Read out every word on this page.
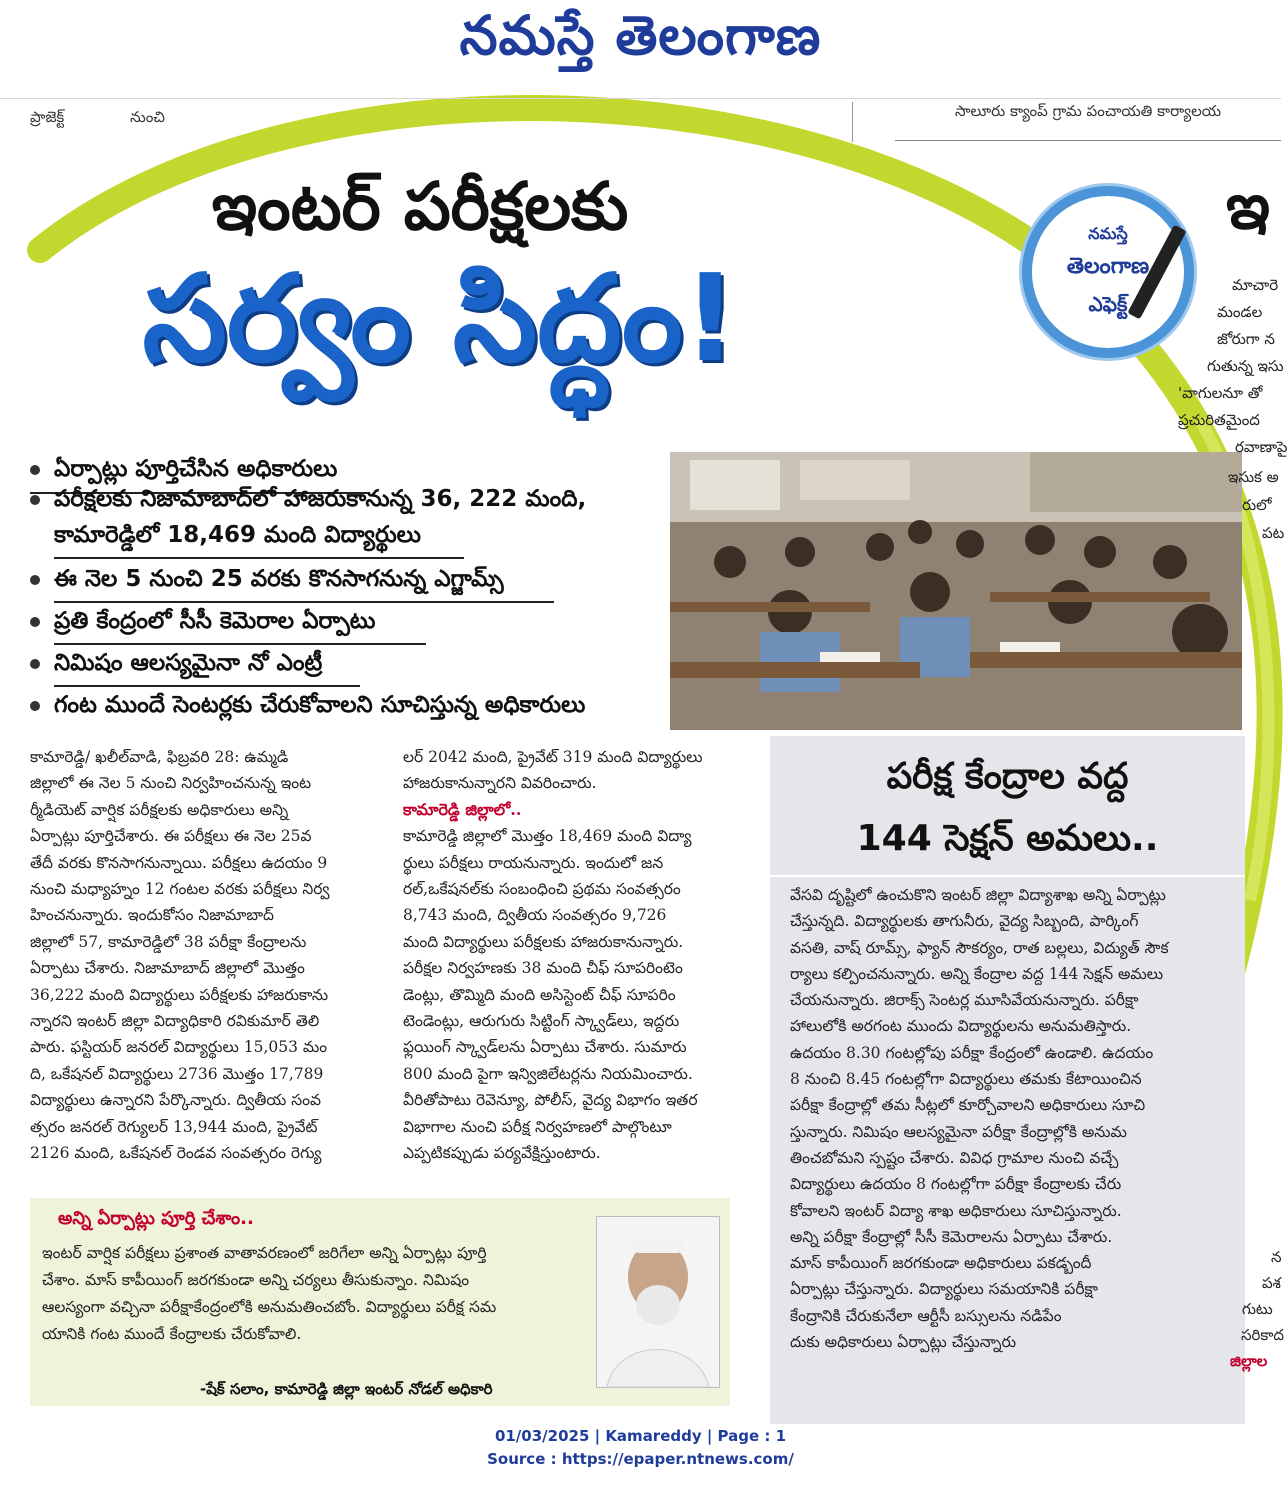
నమస్తే తెలంగాణ
ప్రాజెక్ట్	నుంచి	సాలూరు క్యాంప్ గ్రామ పంచాయతి కార్యాలయ
ఇంటర్ పరీక్షలకు
సర్వం సిద్ధం!
నమస్తే
తెలంగాణ
ఎఫెక్ట్
ఇ
ఏర్పాట్లు పూర్తిచేసిన అధికారులు
పరీక్షలకు నిజామాబాద్‌లో హాజరుకానున్న 36, 222 మంది,
కామారెడ్డిలో 18,469 మంది విద్యార్థులు
ఈ నెల 5 నుంచి 25 వరకు కొనసాగనున్న ఎగ్జామ్స్
ప్రతి కేంద్రంలో సీసీ కెమెరాల ఏర్పాటు
నిమిషం ఆలస్యమైనా నో ఎంట్రీ
గంట ముందే సెంటర్లకు చేరుకోవాలని సూచిస్తున్న అధికారులు
కామారెడ్డి/ ఖలీల్‌వాడి, ఫిబ్రవరి 28: ఉమ్మడి
జిల్లాలో ఈ నెల 5 నుంచి నిర్వహించనున్న ఇంట
ర్మీడియెట్ వార్షిక పరీక్షలకు అధికారులు అన్ని
ఏర్పాట్లు పూర్తిచేశారు. ఈ పరీక్షలు ఈ నెల 25వ
తేదీ వరకు కొనసాగనున్నాయి. పరీక్షలు ఉదయం 9
నుంచి మధ్యాహ్నం 12 గంటల వరకు పరీక్షలు నిర్వ
హించనున్నారు. ఇందుకోసం నిజామాబాద్
జిల్లాలో 57, కామారెడ్డిలో 38 పరీక్షా కేంద్రాలను
ఏర్పాటు చేశారు. నిజామాబాద్ జిల్లాలో మొత్తం
36,222 మంది విద్యార్థులు పరీక్షలకు హాజరుకాను
న్నారని ఇంటర్ జిల్లా విద్యాధికారి రవికుమార్ తెలి
పారు. ఫస్టియర్ జనరల్ విద్యార్థులు 15,053 మం
ది, ఒకేషనల్ విద్యార్థులు 2736 మొత్తం 17,789
విద్యార్థులు ఉన్నారని పేర్కొన్నారు. ద్వితీయ సంవ
త్సరం జనరల్ రెగ్యులర్ 13,944 మంది, ప్రైవేట్
2126 మంది, ఒకేషనల్ రెండవ సంవత్సరం రెగ్యు
లర్ 2042 మంది, ప్రైవేట్ 319 మంది విద్యార్థులు
హాజరుకానున్నారని వివరించారు.
కామారెడ్డి జిల్లాలో..
కామారెడ్డి జిల్లాలో మొత్తం 18,469 మంది విద్యా
ర్థులు పరీక్షలు రాయనున్నారు. ఇందులో జన
రల్,ఒకేషనల్‌కు సంబంధించి ప్రథమ సంవత్సరం
8,743 మంది, ద్వితీయ సంవత్సరం 9,726
మంది విద్యార్థులు పరీక్షలకు హాజరుకానున్నారు.
పరీక్షల నిర్వహణకు 38 మంది చీఫ్ సూపరింటెం
డెంట్లు, తొమ్మిది మంది అసిస్టెంట్ చీఫ్ సూపరిం
టెండెంట్లు, ఆరుగురు సిట్టింగ్ స్క్వాడ్‌లు, ఇద్దరు
ఫ్లయింగ్ స్క్వాడ్‌లను ఏర్పాటు చేశారు. సుమారు
800 మంది పైగా ఇన్విజిలేటర్లను నియమించారు.
వీరితోపాటు రెవెన్యూ, పోలీస్, వైద్య విభాగం ఇతర
విభాగాల నుంచి పరీక్ష నిర్వహణలో పాల్గొంటూ
ఎప్పటికప్పుడు పర్యవేక్షిస్తుంటారు.
పరీక్ష కేంద్రాల వద్ద
144 సెక్షన్ అమలు..
వేసవి దృష్టిలో ఉంచుకొని ఇంటర్ జిల్లా విద్యాశాఖ అన్ని ఏర్పాట్లు
చేస్తున్నది. విద్యార్థులకు తాగునీరు, వైద్య సిబ్బంది, పార్కింగ్
వసతి, వాష్ రూమ్స్, ఫ్యాన్ సౌకర్యం, రాత బల్లలు, విద్యుత్ సౌక
ర్యాలు కల్పించనున్నారు. అన్ని కేంద్రాల వద్ద 144 సెక్షన్ అమలు
చేయనున్నారు. జిరాక్స్ సెంటర్ల మూసివేయనున్నారు. పరీక్షా
హాలులోకి అరగంట ముందు విద్యార్థులను అనుమతిస్తారు.
ఉదయం 8.30 గంటల్లోపు పరీక్షా కేంద్రంలో ఉండాలి. ఉదయం
8 నుంచి 8.45 గంటల్లోగా విద్యార్థులు తమకు కేటాయించిన
పరీక్షా కేంద్రాల్లో తమ సీట్లలో కూర్చోవాలని అధికారులు సూచి
స్తున్నారు. నిమిషం ఆలస్యమైనా పరీక్షా కేంద్రాల్లోకి అనుమ
తించబోమని స్పష్టం చేశారు. వివిధ గ్రామాల నుంచి వచ్చే
విద్యార్థులు ఉదయం 8 గంటల్లోగా పరీక్షా కేంద్రాలకు చేరు
కోవాలని ఇంటర్ విద్యా శాఖ అధికారులు సూచిస్తున్నారు.
అన్ని పరీక్షా కేంద్రాల్లో సీసీ కెమెరాలను ఏర్పాటు చేశారు.
మాస్ కాపీయింగ్ జరగకుండా అధికారులు పకడ్బందీ
ఏర్పాట్లు చేస్తున్నారు. విద్యార్థులు సమయానికి పరీక్షా
కేంద్రానికి చేరుకునేలా ఆర్టీసీ బస్సులను నడిపేం
దుకు అధికారులు ఏర్పాట్లు చేస్తున్నారు
అన్ని ఏర్పాట్లు పూర్తి చేశాం..
ఇంటర్ వార్షిక పరీక్షలు ప్రశాంత వాతావరణంలో జరిగేలా అన్ని ఏర్పాట్లు పూర్తి
చేశాం. మాస్ కాపీయింగ్ జరగకుండా అన్ని చర్యలు తీసుకున్నాం. నిమిషం
ఆలస్యంగా వచ్చినా పరీక్షాకేంద్రంలోకి అనుమతించబోం. విద్యార్థులు పరీక్ష సమ
యానికి గంట ముందే కేంద్రాలకు చేరుకోవాలి.
-షేక్ సలాం, కామారెడ్డి జిల్లా ఇంటర్ నోడల్ అధికారి
మాచారె
మండల
జోరుగా న
గుతున్న ఇసు
'వాగులనూ తో
ప్రచురితమైంద
రవాణాపై
ఇసుక అ
రులో
పట
న
పశ
గుటు
సరికాద
జిల్లాల
01/03/2025 | Kamareddy | Page : 1
Source : https://epaper.ntnews.com/
